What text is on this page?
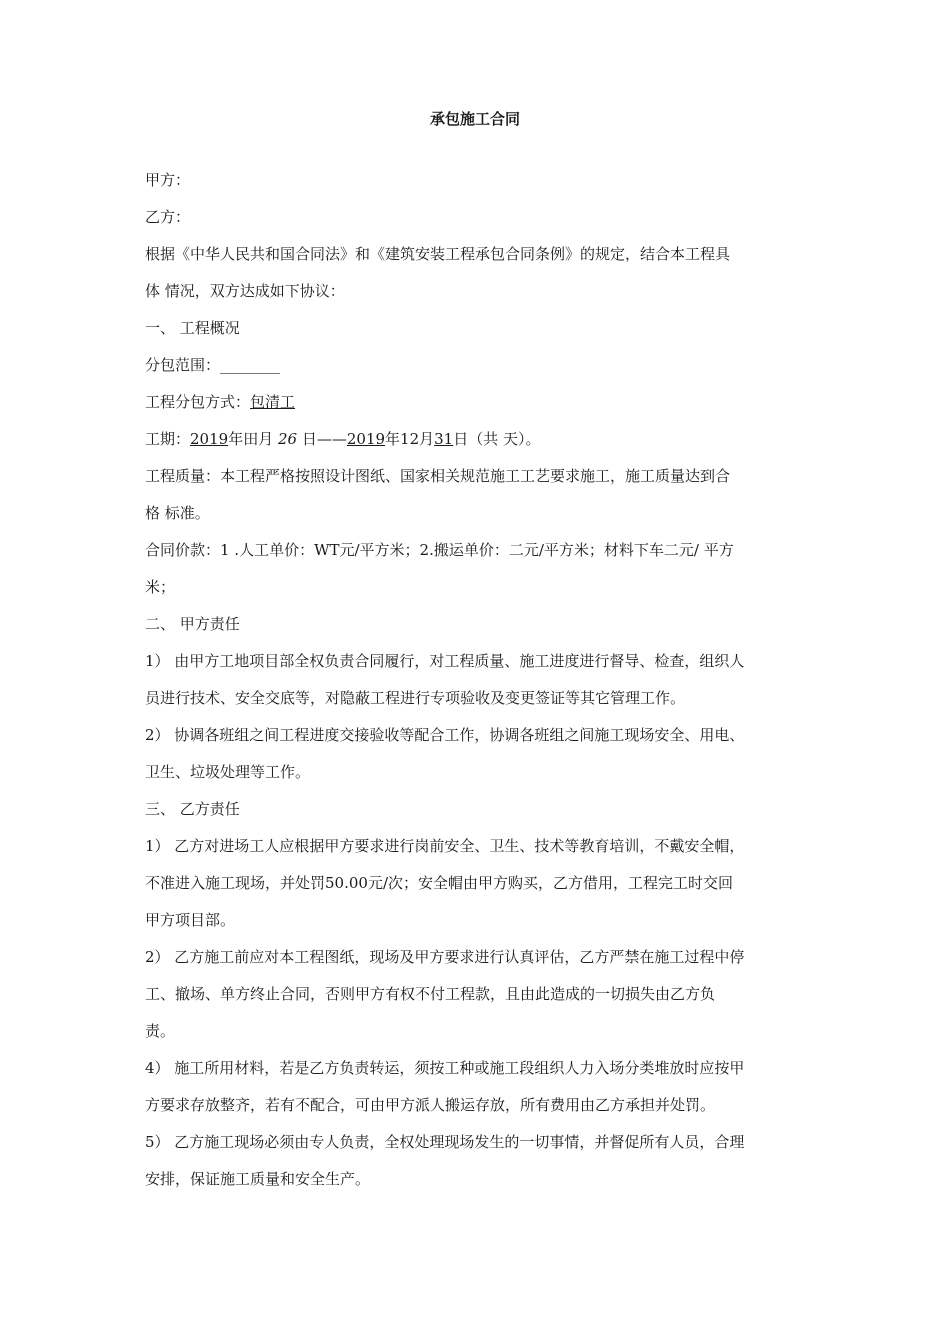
承包施工合同
甲方：
乙方：
根据《中华人民共和国合同法》和《建筑安装工程承包合同条例》的规定，结合本工程具
体 情况，双方达成如下协议：
一、 工程概况
分包范围：________
工程分包方式：包清工
工期：2019年田月 26 日——2019年12月31日（共 天）。
工程质量：本工程严格按照设计图纸、国家相关规范施工工艺要求施工，施工质量达到合
格 标准。
合同价款：1 .人工单价：WT元/平方米；2.搬运单价：二元/平方米；材料下车二元/ 平方
米；
二、 甲方责任
1） 由甲方工地项目部全权负责合同履行，对工程质量、施工进度进行督导、检查，组织人
员进行技术、安全交底等，对隐蔽工程进行专项验收及变更签证等其它管理工作。
2） 协调各班组之间工程进度交接验收等配合工作，协调各班组之间施工现场安全、用电、
卫生、垃圾处理等工作。
三、 乙方责任
1） 乙方对进场工人应根据甲方要求进行岗前安全、卫生、技术等教育培训，不戴安全帽，
不准进入施工现场，并处罚50.00元/次；安全帽由甲方购买，乙方借用，工程完工时交回
甲方项目部。
2） 乙方施工前应对本工程图纸，现场及甲方要求进行认真评估，乙方严禁在施工过程中停
工、撤场、单方终止合同，否则甲方有权不付工程款，且由此造成的一切损失由乙方负
责。
4） 施工所用材料，若是乙方负责转运，须按工种或施工段组织人力入场分类堆放时应按甲
方要求存放整齐，若有不配合，可由甲方派人搬运存放，所有费用由乙方承担并处罚。
5） 乙方施工现场必须由专人负责，全权处理现场发生的一切事情，并督促所有人员，合理
安排，保证施工质量和安全生产。
